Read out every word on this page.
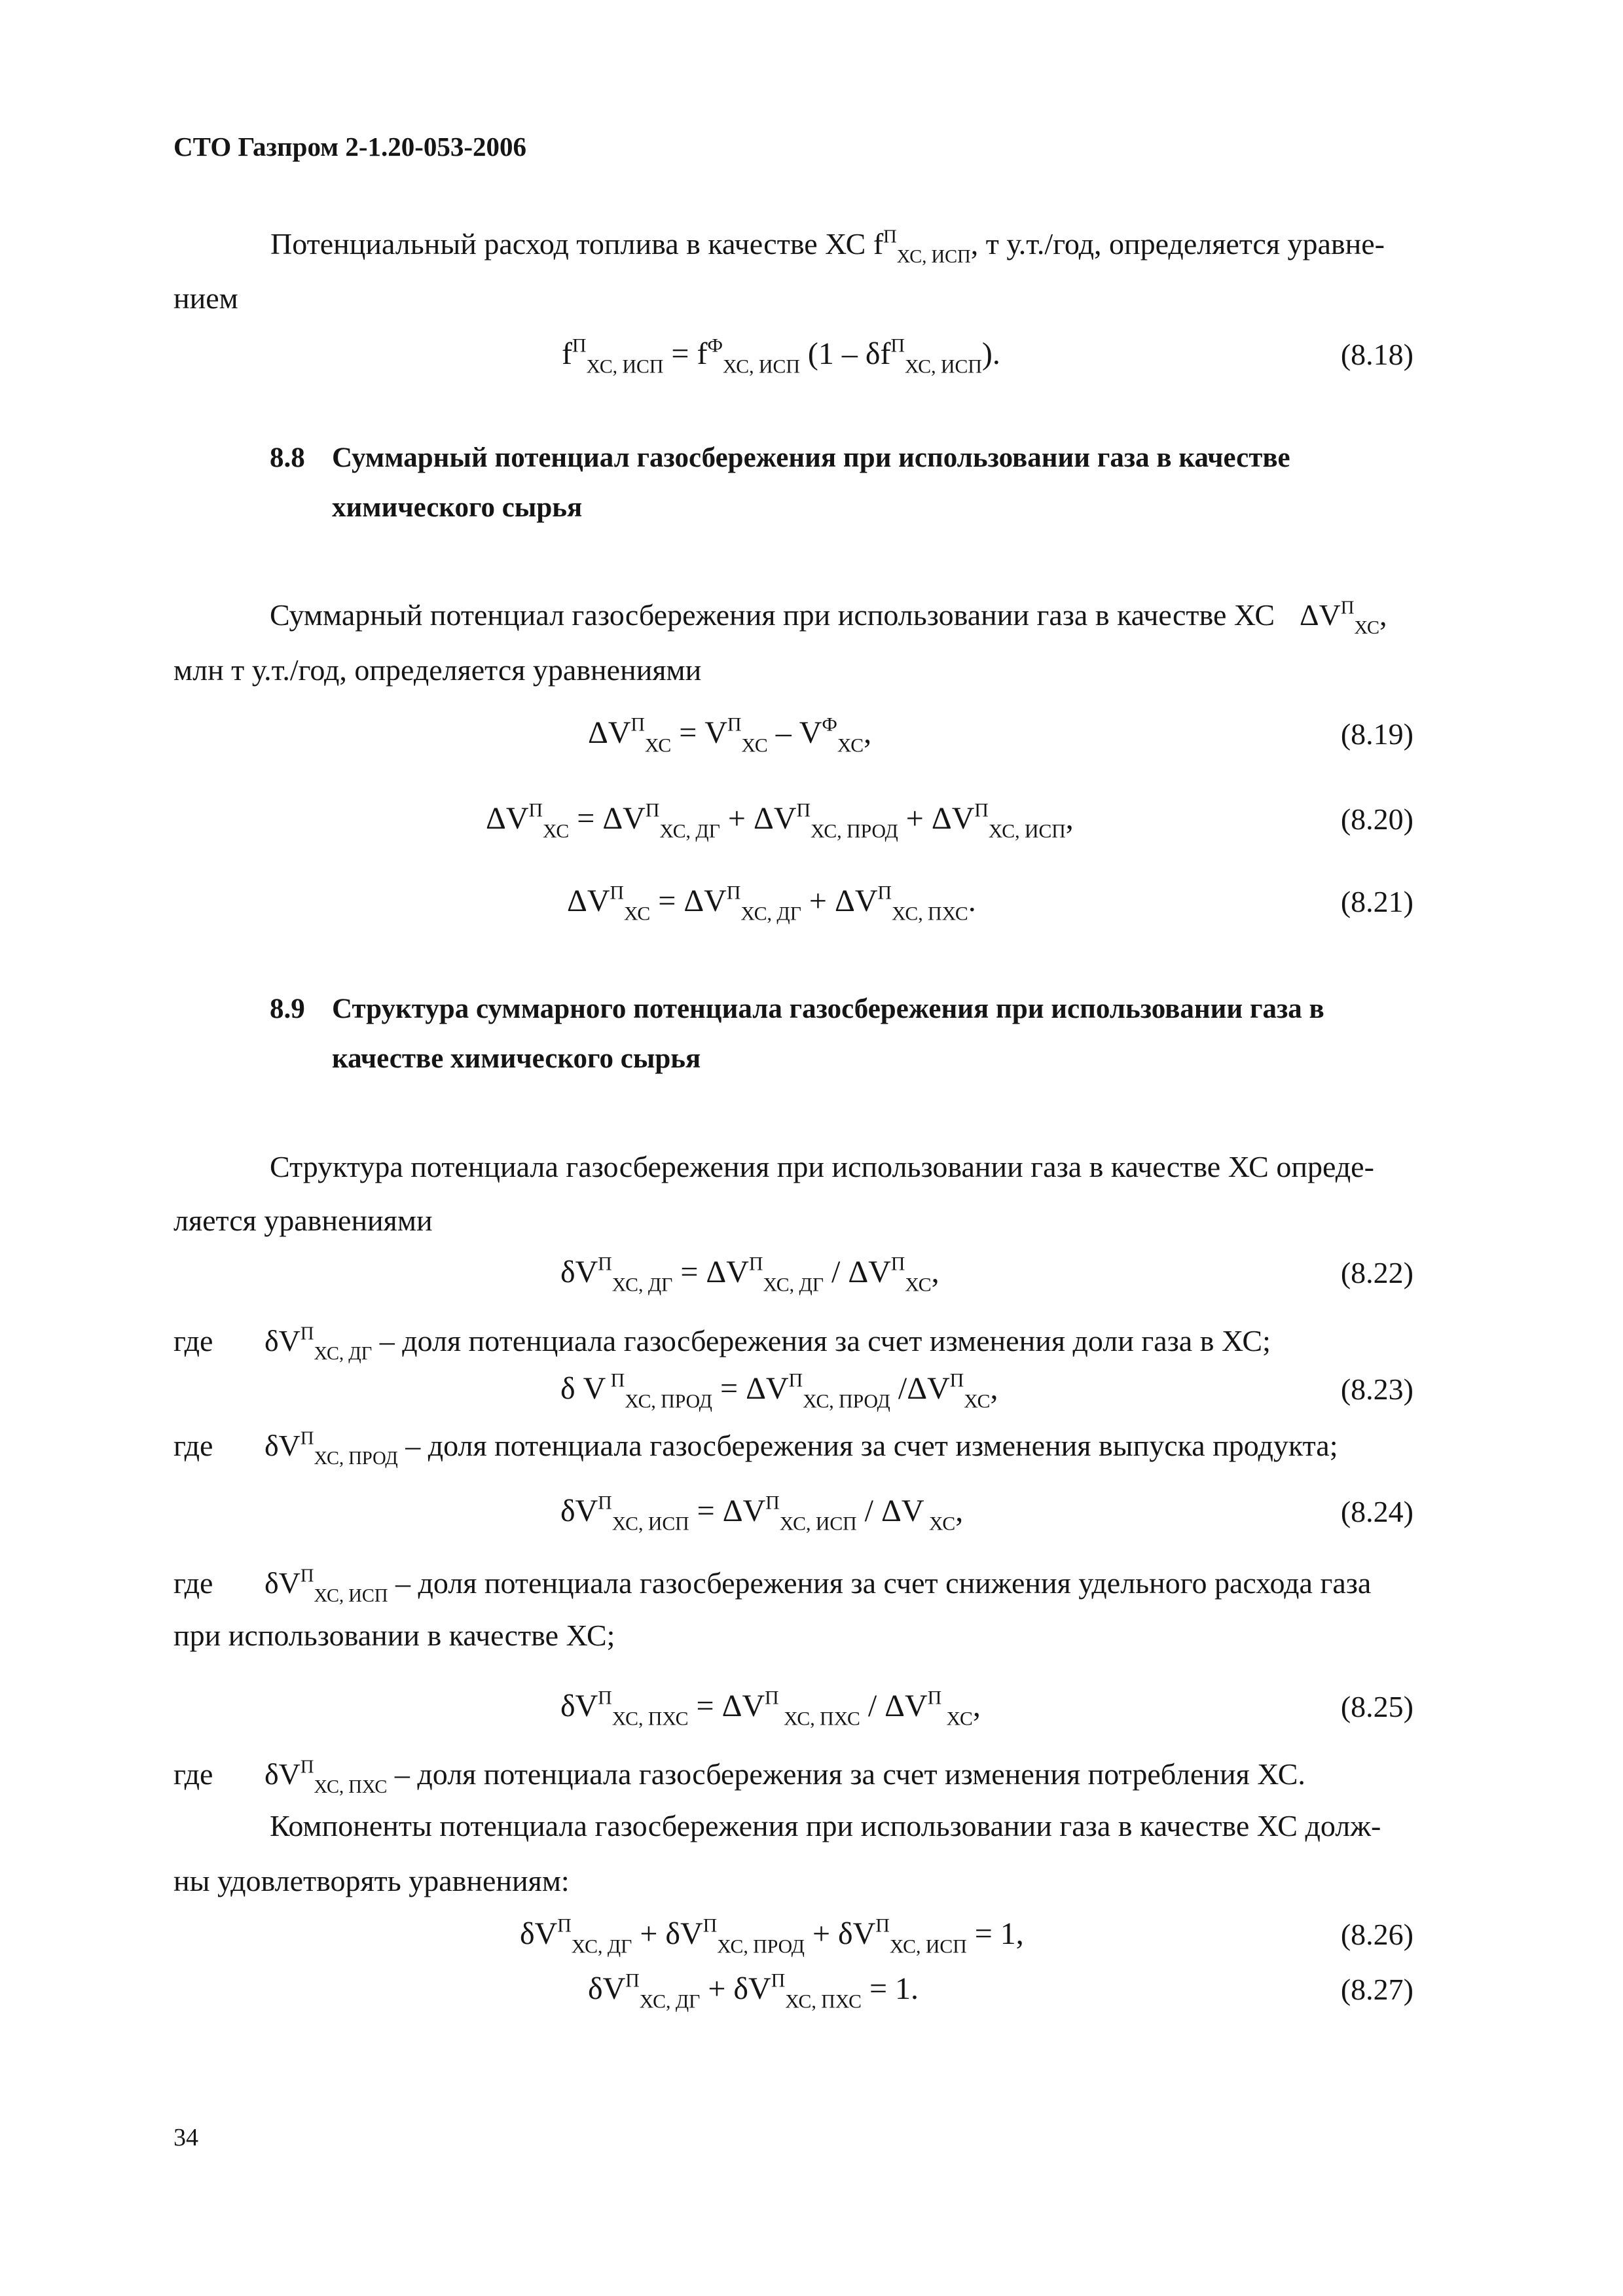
СТО Газпром 2-1.20-053-2006
Потенциальный расход топлива в качестве ХС $f^П_{ХС, ИСП}$, т у.т./год, определяется уравне-
нием
$f^П_{ХС, ИСП} = f^Ф_{ХС, ИСП}$ $(1 - \delta f^П_{ХС, ИСП})$.	(8.18)
8.8 Суммарный потенциал газосбережения при использовании газа в качестве
химического сырья
Суммарный потенциал газосбережения при использовании газа в качестве ХС $\Delta V^П_{ХС}$,
млн т у.т./год, определяется уравнениями
$\Delta V^П_{ХС} = V^П_{ХС} - V^Ф_{ХС}$,	(8.19)
$\Delta V^П_{ХС} = \Delta V^П_{ХС, ДГ} + \Delta V^П_{ХС, ПРОД} + \Delta V^П_{ХС, ИСП}$,	(8.20)
$\Delta V^П_{ХС} = \Delta V^П_{ХС, ДГ} + \Delta V^П_{ХС, ПХС}$.	(8.21)
8.9 Структура суммарного потенциала газосбережения при использовании газа в
качестве химического сырья
Структура потенциала газосбережения при использовании газа в качестве ХС опреде-
ляется уравнениями
$\delta V^П_{ХС, ДГ} = \Delta V^П_{ХС, ДГ} / \Delta V^П_{ХС}$,	(8.22)
где $\delta V^П_{ХС, ДГ}$ – доля потенциала газосбережения за счет изменения доли газа в ХС;
δ V $^П_{ХС, ПРОД} = \Delta V^П_{ХС, ПРОД}$ $/\Delta V^П_{ХС}$,	(8.23)
где $\delta V^П_{ХС, ПРОД}$ – доля потенциала газосбережения за счет изменения выпуска продукта;
$\delta V^П_{ХС, ИСП} = \Delta V^П_{ХС, ИСП} / \Delta V$ $_{ХС}$,	(8.24)
где $\delta V^П_{ХС, ИСП}$ – доля потенциала газосбережения за счет снижения удельного расхода газа
при использовании в качестве ХС;
$\delta V^П_{ХС, ПХС} = \Delta V^П$ $_{ХС, ПХС} / \Delta V^П$ $_{ХС}$,	(8.25)
где $\delta V^П_{ХС, ПХС}$ – доля потенциала газосбережения за счет изменения потребления ХС.
Компоненты потенциала газосбережения при использовании газа в качестве ХС долж-
ны удовлетворять уравнениям:
$\delta V^П_{ХС, ДГ} + \delta V^П_{ХС, ПРОД} + \delta V^П_{ХС, ИСП} = 1$,	(8.26)
$\delta V^П_{ХС, ДГ} + \delta V^П_{ХС, ПХС} = 1$.	(8.27)
34
